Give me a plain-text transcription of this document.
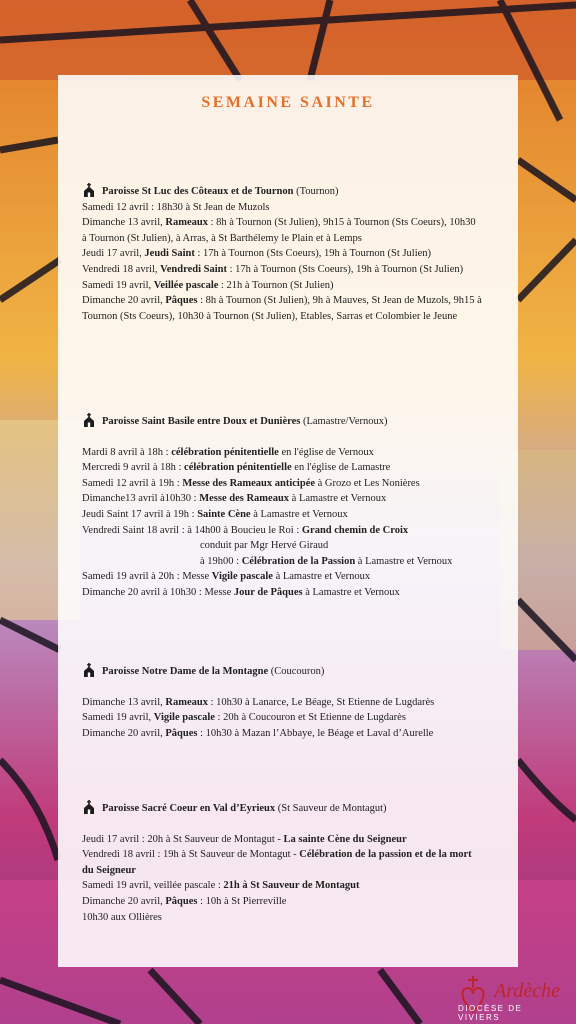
SEMAINE SAINTE
Paroisse St Luc des Côteaux et de Tournon (Tournon)

Samedi 12 avril : 18h30 à St Jean de Muzols

Dimanche 13 avril, Rameaux : 8h à Tournon (St Julien), 9h15 à Tournon (Sts Coeurs), 10h30 à Tournon (St Julien), à Arras, à St Barthélemy le Plain et à Lemps

Jeudi 17 avril, Jeudi Saint : 17h à Tournon (Sts Coeurs), 19h à Tournon (St Julien)

Vendredi 18 avril, Vendredi Saint : 17h à Tournon (Sts Coeurs), 19h à Tournon (St Julien)

Samedi 19 avril, Veillée pascale : 21h à Tournon (St Julien)

Dimanche 20 avril, Pâques : 8h à Tournon (St Julien), 9h à Mauves, St Jean de Muzols, 9h15 à Tournon (Sts Coeurs), 10h30 à Tournon (St Julien), Etables, Sarras et Colombier le Jeune

Paroisse Saint Basile entre Doux et Dunières (Lamastre/Vernoux)

Mardi 8 avril à 18h : célébration pénitentielle en l'église de Vernoux

Mercredi 9 avril à 18h : célébration pénitentielle en l'église de Lamastre

Samedi 12 avril à 19h : Messe des Rameaux anticipée à Grozo et Les Nonières

Dimanche13 avril à10h30 : Messe des Rameaux à Lamastre et Vernoux

Jeudi Saint 17 avril à 19h : Sainte Cène à Lamastre et Vernoux

Vendredi Saint 18 avril : à 14h00 à Boucieu le Roi : Grand chemin de Croix

conduit par Mgr Hervé Giraud

à 19h00 : Célébration de la Passion à Lamastre et Vernoux

Samedi 19 avril à 20h : Messe Vigile pascale à Lamastre et Vernoux

Dimanche 20 avril à 10h30 : Messe Jour de Pâques à Lamastre et Vernoux

Paroisse Notre Dame de la Montagne (Coucouron)

Dimanche 13 avril, Rameaux : 10h30 à Lanarce, Le Béage, St Etienne de Lugdarès

Samedi 19 avril, Vigile pascale : 20h à Coucouron et St Etienne de Lugdarès

Dimanche 20 avril, Pâques : 10h30 à Mazan l’Abbaye, le Béage et Laval d’Aurelle

Paroisse Sacré Coeur en Val d’Eyrieux (St Sauveur de Montagut)

Jeudi 17 avril : 20h à St Sauveur de Montagut - La sainte Cène du Seigneur

Vendredi 18 avril : 19h à St Sauveur de Montagut - Célébration de la passion et de la mort du Seigneur

Samedi 19 avril, veillée pascale : 21h à St Sauveur de Montagut

Dimanche 20 avril, Pâques : 10h à St Pierreville

10h30 aux Ollières

Ardèche
DIOCÈSE DE VIVIERS
